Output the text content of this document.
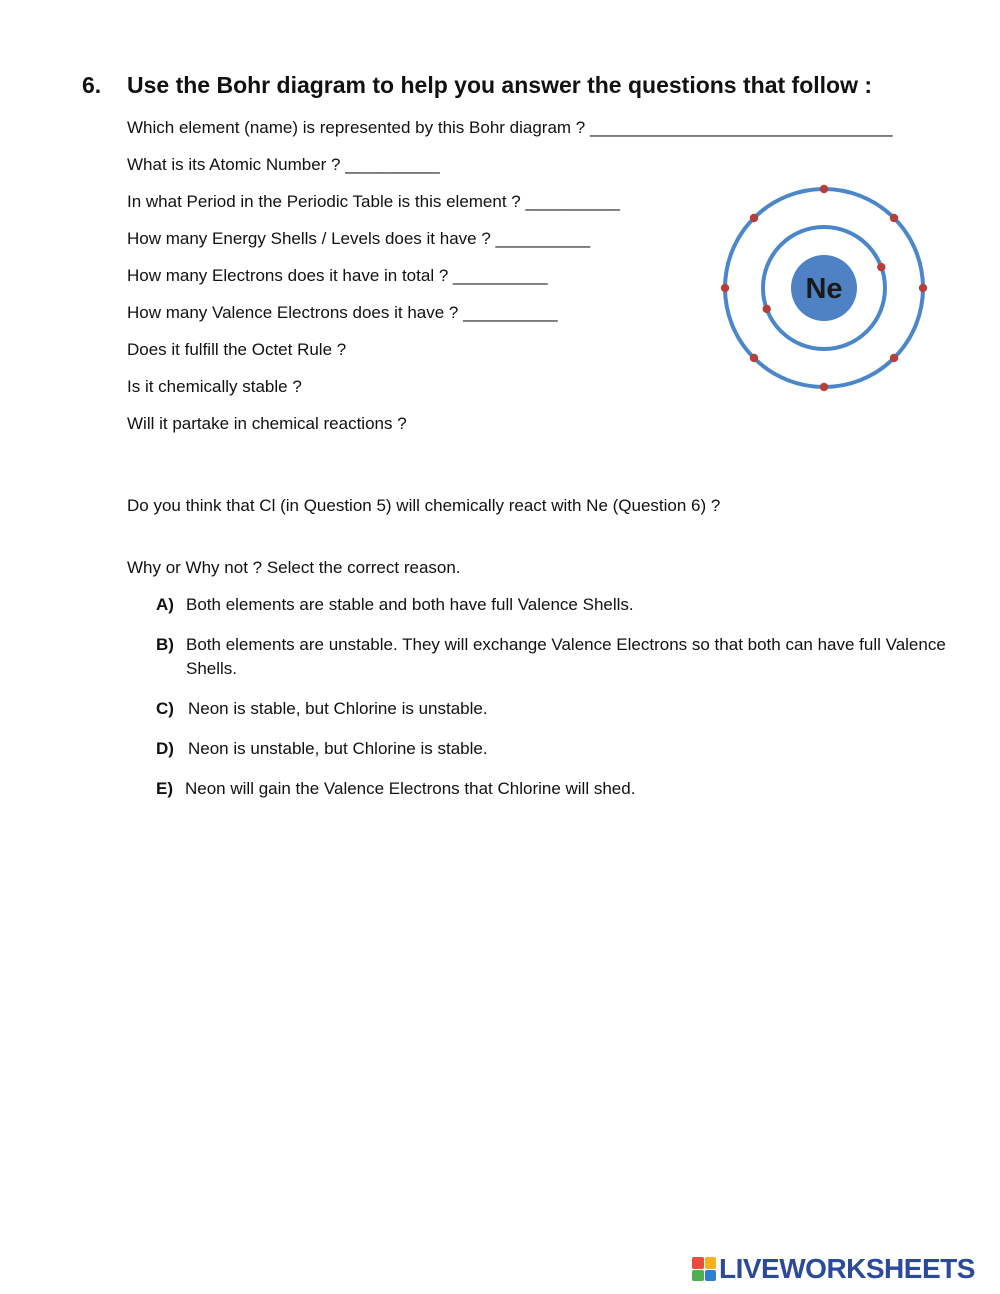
6. Use the Bohr diagram to help you answer the questions that follow :
Which element (name) is represented by this Bohr diagram ? ________________________________
What is its Atomic Number ? __________
In what Period in the Periodic Table is this element ? __________
How many Energy Shells / Levels does it have ? __________
How many Electrons does it have in total ? __________
How many Valence Electrons does it have ? __________
Does it fulfill the Octet Rule ?
Is it chemically stable ?
Will it partake in chemical reactions ?
Do you think that Cl (in Question 5) will chemically react with Ne (Question 6) ?
Why or Why not ? Select the correct reason.
A) Both elements are stable and both have full Valence Shells.
B) Both elements are unstable. They will exchange Valence Electrons so that both can have full Valence Shells.
C) Neon is stable, but Chlorine is unstable.
D) Neon is unstable, but Chlorine is stable.
E) Neon will gain the Valence Electrons that Chlorine will shed.
Ne
LIVEWORKSHEETS
